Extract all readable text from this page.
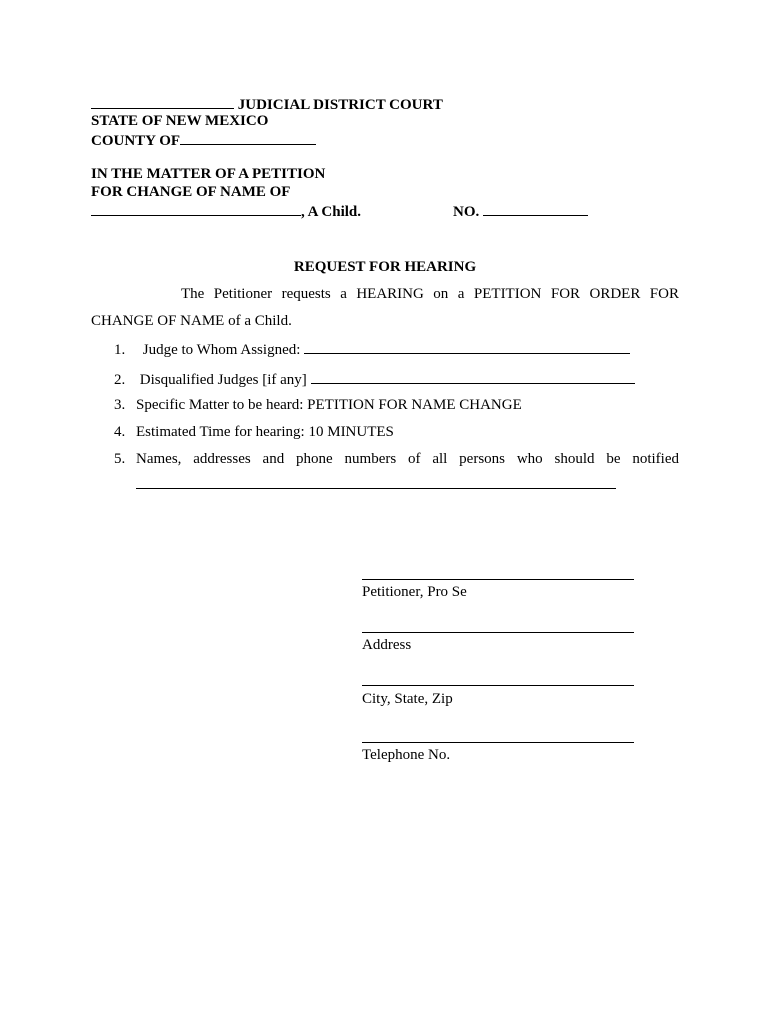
JUDICIAL DISTRICT COURT
STATE OF NEW MEXICO
COUNTY OF
IN THE MATTER OF A PETITION
FOR CHANGE OF NAME OF
, A Child.	NO.
REQUEST FOR HEARING
The Petitioner requests a HEARING on a PETITION FOR ORDER FOR
CHANGE OF NAME of a Child.
1. Judge to Whom Assigned:
2. Disqualified Judges [if any]
3. Specific Matter to be heard: PETITION FOR NAME CHANGE
4. Estimated Time for hearing: 10 MINUTES
5. Names, addresses and phone numbers of all persons who should be notified
Petitioner, Pro Se
Address
City, State, Zip
Telephone No.
